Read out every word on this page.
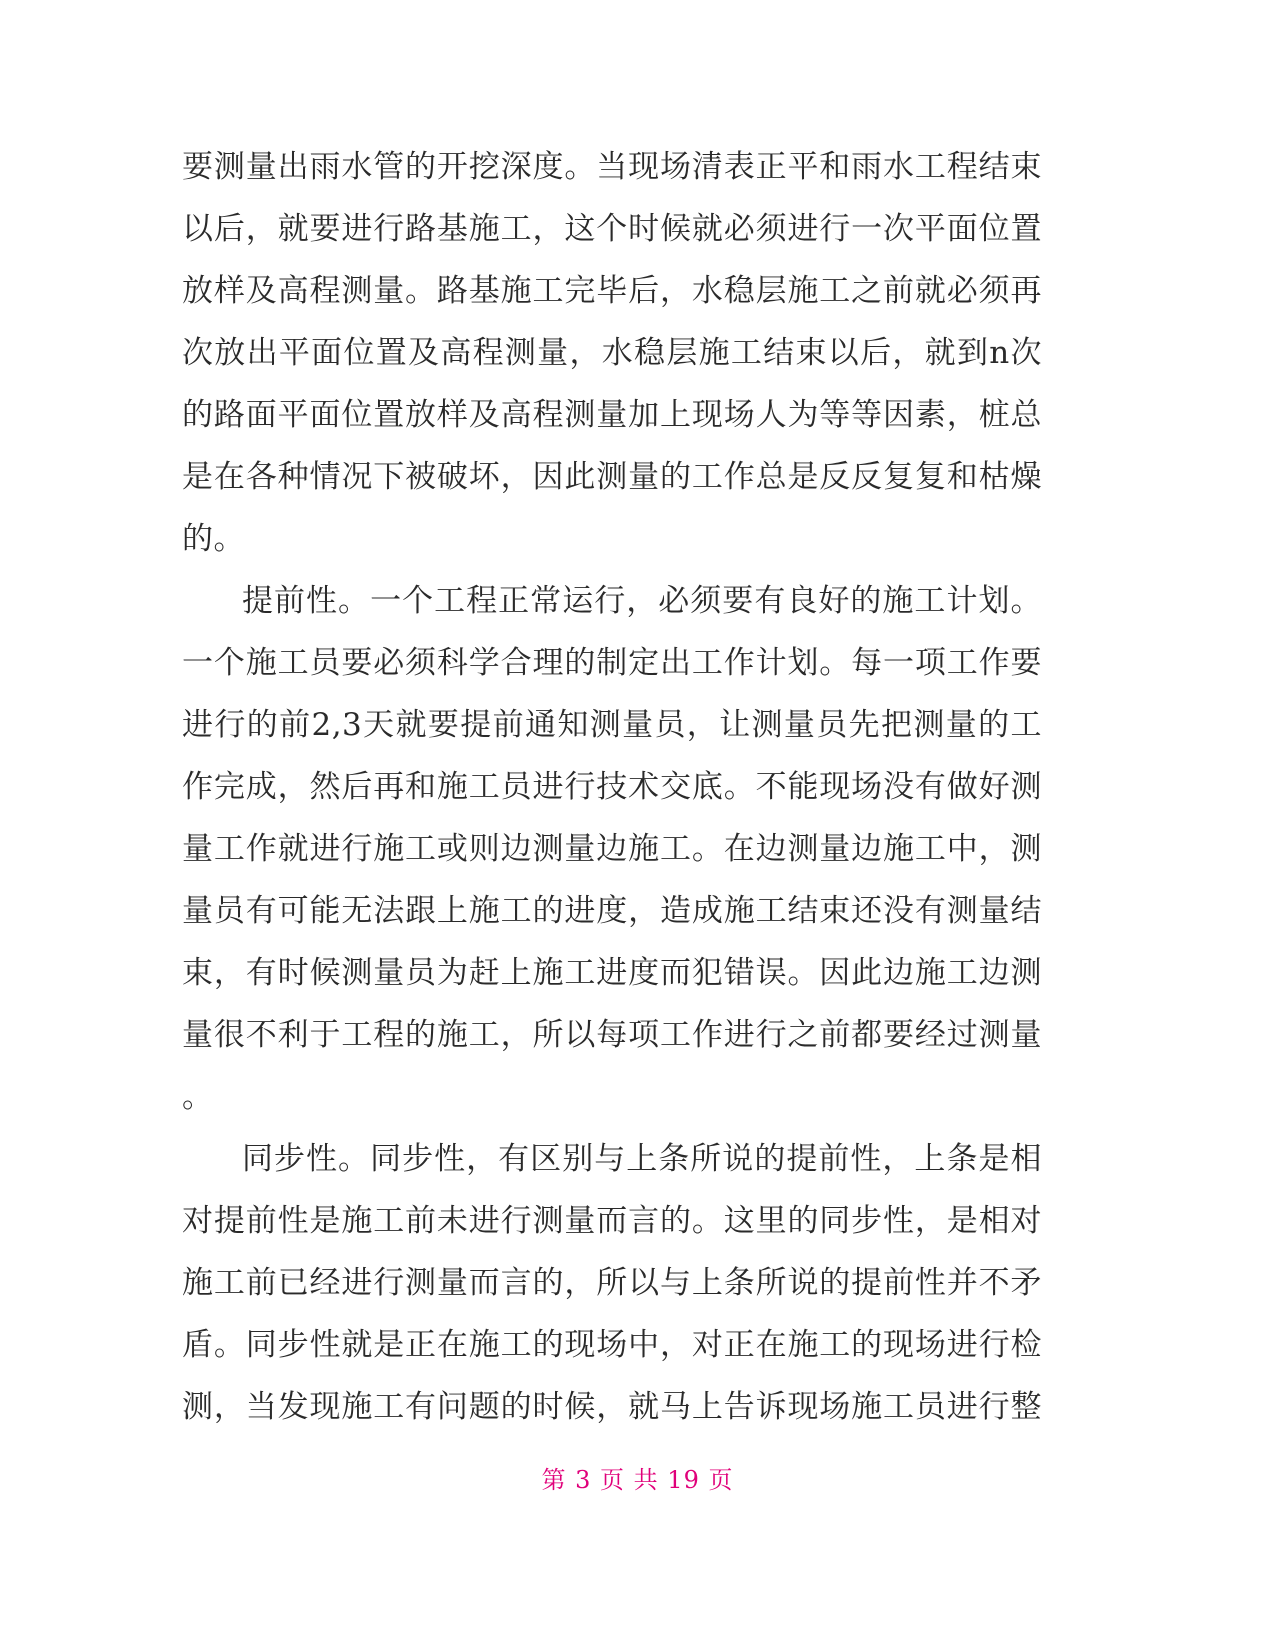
要测量出雨水管的开挖深度。当现场清表正平和雨水工程结束
以后，就要进行路基施工，这个时候就必须进行一次平面位置
放样及高程测量。路基施工完毕后，水稳层施工之前就必须再
次放出平面位置及高程测量，水稳层施工结束以后，就到n次
的路面平面位置放样及高程测量加上现场人为等等因素，桩总
是在各种情况下被破坏，因此测量的工作总是反反复复和枯燥
的。
提前性。一个工程正常运行，必须要有良好的施工计划。
一个施工员要必须科学合理的制定出工作计划。每一项工作要
进行的前2,3天就要提前通知测量员，让测量员先把测量的工
作完成，然后再和施工员进行技术交底。不能现场没有做好测
量工作就进行施工或则边测量边施工。在边测量边施工中，测
量员有可能无法跟上施工的进度，造成施工结束还没有测量结
束，有时候测量员为赶上施工进度而犯错误。因此边施工边测
量很不利于工程的施工，所以每项工作进行之前都要经过测量
。
同步性。同步性，有区别与上条所说的提前性，上条是相
对提前性是施工前未进行测量而言的。这里的同步性，是相对
施工前已经进行测量而言的，所以与上条所说的提前性并不矛
盾。同步性就是正在施工的现场中，对正在施工的现场进行检
测，当发现施工有问题的时候，就马上告诉现场施工员进行整
第 3 页 共 19 页
